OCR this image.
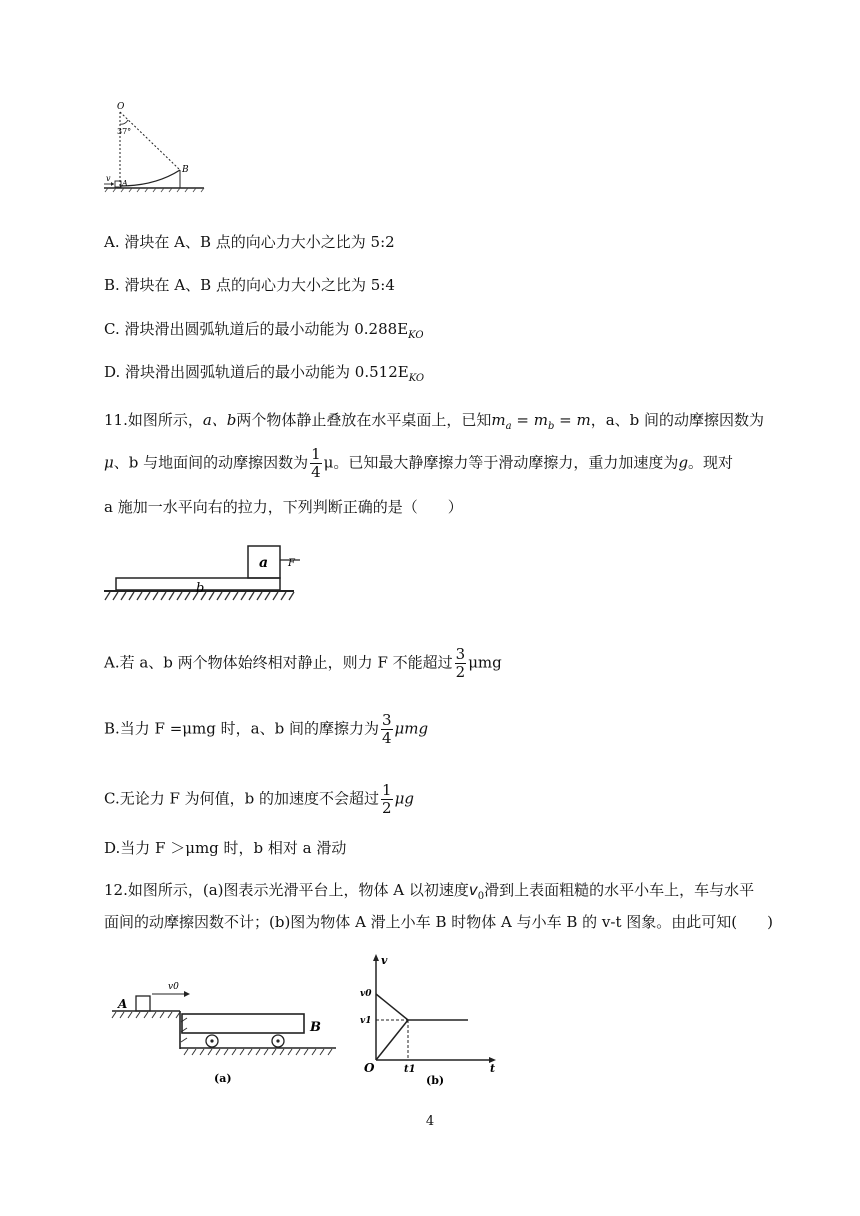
O
37°
B
A
v
A. 滑块在 A、B 点的向心力大小之比为 5:2
B. 滑块在 A、B 点的向心力大小之比为 5:4
C. 滑块滑出圆弧轨道后的最小动能为 $0.288E_{KO}$
D. 滑块滑出圆弧轨道后的最小动能为 $0.512E_{KO}$
11.如图所示，a、b两个物体静止叠放在水平桌面上，已知$m_a = m_b = m$，a、b 间的动摩擦因数为
μ、b 与地面间的动摩擦因数为 $\frac{1}{4}$ μ。已知最大静摩擦力等于滑动摩擦力，重力加速度为g。现对
a 施加一水平向右的拉力，下列判断正确的是（　　）
a
b
F
A.若 a、b 两个物体始终相对静止，则力 F 不能超过 $\frac{3}{2}$ μmg
B.当力 F =μmg 时，a、b 间的摩擦力为 $\frac{3}{4}$ μmg
C.无论力 F 为何值，b 的加速度不会超过 $\frac{1}{2}$ μg
D.当力 F ＞μmg 时，b 相对 a 滑动
12.如图所示，(a)图表示光滑平台上，物体 A 以初速度$v_0$滑到上表面粗糙的水平小车上，车与水平
面间的动摩擦因数不计；(b)图为物体 A 滑上小车 B 时物体 A 与小车 B 的 v-t 图象。由此可知(　　)
A
v0
B
(a)
v
v0
v1
O	t1	t
(b)
4
